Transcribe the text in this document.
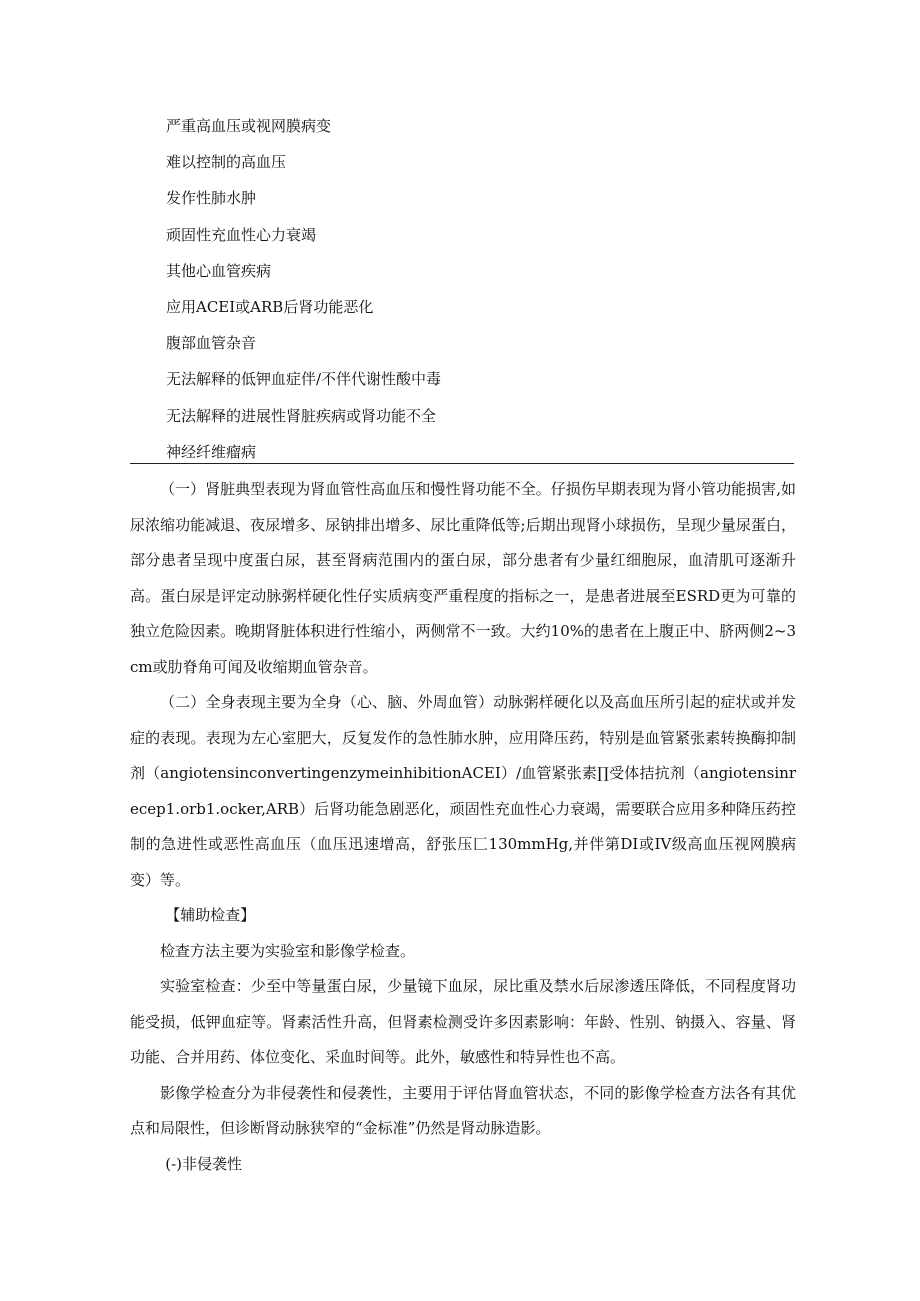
严重高血压或视网膜病变
难以控制的高血压
发作性肺水肿
顽固性充血性心力衰竭
其他心血管疾病
应用ACEI或ARB后肾功能恶化
腹部血管杂音
无法解释的低钾血症伴/不伴代谢性酸中毒
无法解释的进展性肾脏疾病或肾功能不全
神经纤维瘤病

（一）肾脏典型表现为肾血管性高血压和慢性肾功能不全。仔损伤早期表现为肾小管功能损害,如尿浓缩功能减退、夜尿增多、尿钠排出增多、尿比重降低等;后期出现肾小球损伤，呈现少量尿蛋白，部分患者呈现中度蛋白尿，甚至肾病范围内的蛋白尿，部分患者有少量红细胞尿，血清肌可逐渐升高。蛋白尿是评定动脉粥样硬化性仔实质病变严重程度的指标之一，是患者进展至ESRD更为可靠的独立危险因素。晚期肾脏体积进行性缩小，两侧常不一致。大约10%的患者在上腹正中、脐两侧2~3cm或肋脊角可闻及收缩期血管杂音。

（二）全身表现主要为全身（心、脑、外周血管）动脉粥样硬化以及高血压所引起的症状或并发症的表现。表现为左心室肥大，反复发作的急性肺水肿，应用降压药，特别是血管紧张素转换酶抑制剂（angiotensinconvertingenzymeinhibitionACEI）/血管紧张素∏受体拮抗剂（angiotensinrecep1.orb1.ocker,ARB）后肾功能急剧恶化，顽固性充血性心力衰竭，需要联合应用多种降压药控制的急进性或恶性高血压（血压迅速增高，舒张压匚130mmHg,并伴第DI或IV级高血压视网膜病变）等。

【辅助检查】

检查方法主要为实验室和影像学检查。

实验室检查：少至中等量蛋白尿，少量镜下血尿，尿比重及禁水后尿渗透压降低，不同程度肾功能受损，低钾血症等。肾素活性升高，但肾素检测受许多因素影响：年龄、性别、钠摄入、容量、肾功能、合并用药、体位变化、采血时间等。此外，敏感性和特异性也不高。

影像学检查分为非侵袭性和侵袭性，主要用于评估肾血管状态，不同的影像学检查方法各有其优点和局限性，但诊断肾动脉狭窄的“金标准”仍然是肾动脉造影。

(-)非侵袭性
